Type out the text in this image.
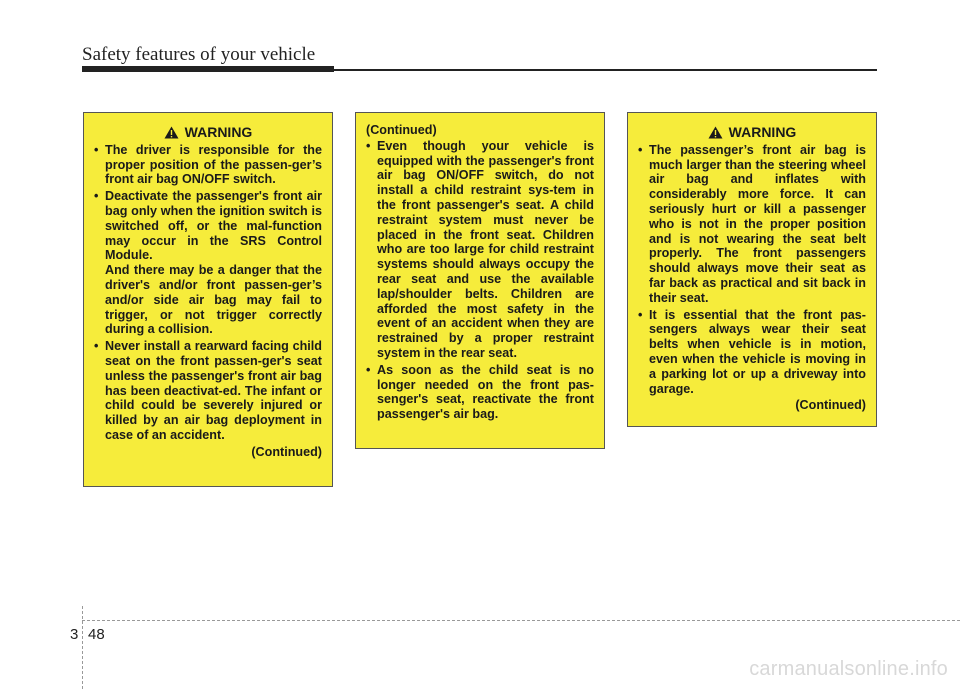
Safety features of your vehicle
WARNING
• The driver is responsible for the proper position of the passen-ger’s front air bag ON/OFF switch.
• Deactivate the passenger's front air bag only when the ignition switch is switched off, or the mal-function may occur in the SRS Control Module.
And there may be a danger that the driver's and/or front passen-ger’s and/or side air bag may fail to trigger, or not trigger correctly during a collision.
• Never install a rearward facing child seat on the front passen-ger's seat unless the passenger's front air bag has been deactivat-ed. The infant or child could be severely injured or killed by an air bag deployment in case of an accident.
(Continued)
(Continued)
• Even though your vehicle is equipped with the passenger's front air bag ON/OFF switch, do not install a child restraint sys-tem in the front passenger's seat. A child restraint system must never be placed in the front seat. Children who are too large for child restraint systems should always occupy the rear seat and use the available lap/shoulder belts. Children are afforded the most safety in the event of an accident when they are restrained by a proper restraint system in the rear seat.
• As soon as the child seat is no longer needed on the front pas-senger's seat, reactivate the front passenger's air bag.
WARNING
• The passenger’s front air bag is much larger than the steering wheel air bag and inflates with considerably more force. It can seriously hurt or kill a passenger who is not in the proper position and is not wearing the seat belt properly. The front passengers should always move their seat as far back as practical and sit back in their seat.
• It is essential that the front pas-sengers always wear their seat belts when vehicle is in motion, even when the vehicle is moving in a parking lot or up a driveway into garage.
(Continued)
3 48
carmanualsonline.info
